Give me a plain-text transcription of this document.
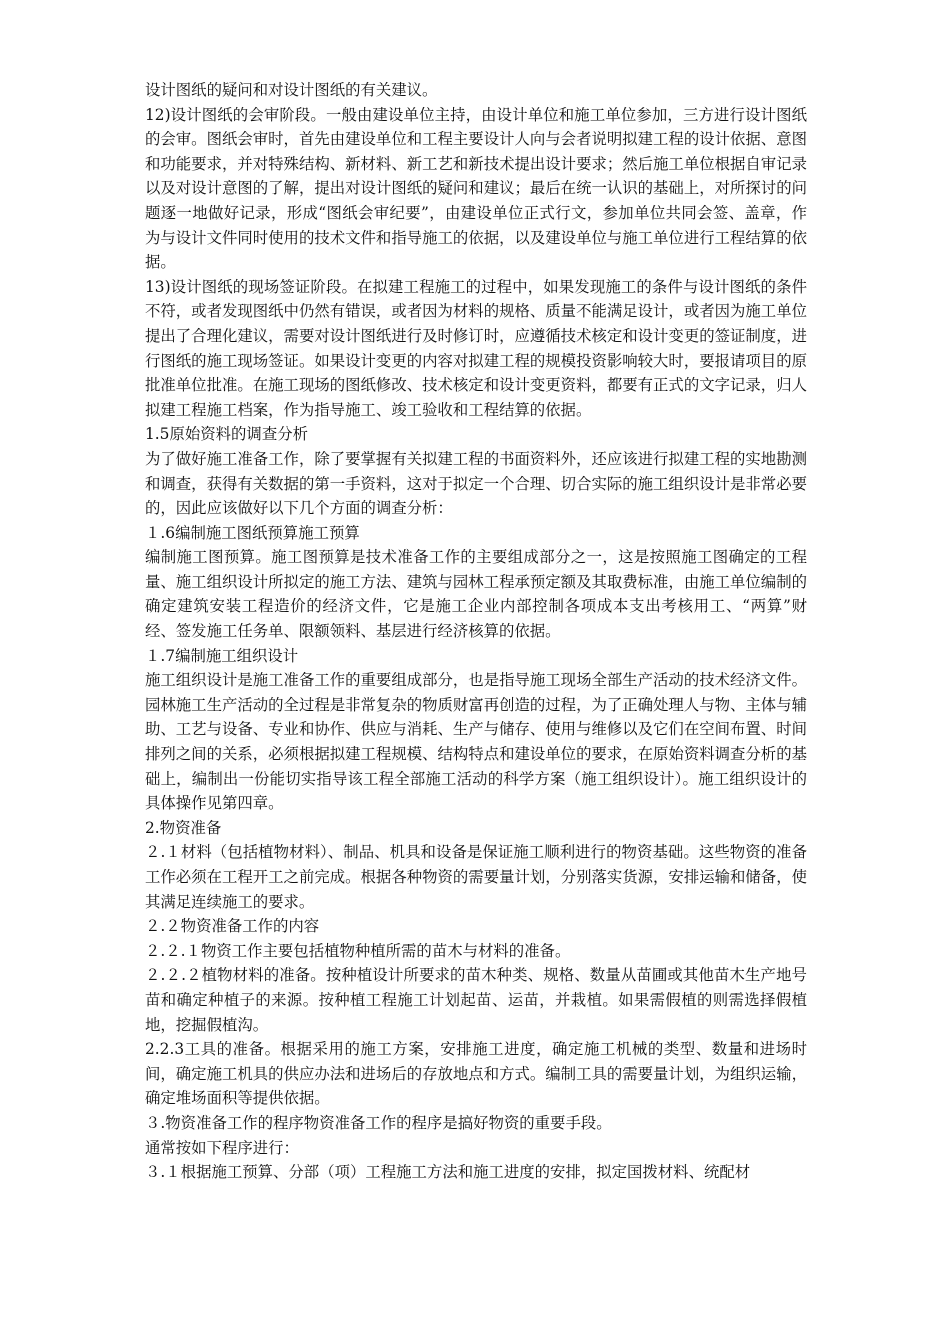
设计图纸的疑问和对设计图纸的有关建议。

12)设计图纸的会审阶段。一般由建设单位主持，由设计单位和施工单位参加，三方进行设计图纸的会审。图纸会审时，首先由建设单位和工程主要设计人向与会者说明拟建工程的设计依据、意图和功能要求，并对特殊结构、新材料、新工艺和新技术提出设计要求；然后施工单位根据自审记录以及对设计意图的了解，提出对设计图纸的疑问和建议；最后在统一认识的基础上，对所探讨的问题逐一地做好记录，形成“图纸会审纪要”，由建设单位正式行文，参加单位共同会签、盖章，作为与设计文件同时使用的技术文件和指导施工的依据，以及建设单位与施工单位进行工程结算的依据。

13)设计图纸的现场签证阶段。在拟建工程施工的过程中，如果发现施工的条件与设计图纸的条件不符，或者发现图纸中仍然有错误，或者因为材料的规格、质量不能满足设计，或者因为施工单位提出了合理化建议，需要对设计图纸进行及时修订时，应遵循技术核定和设计变更的签证制度，进行图纸的施工现场签证。如果设计变更的内容对拟建工程的规模投资影响较大时，要报请项目的原批准单位批准。在施工现场的图纸修改、技术核定和设计变更资料，都要有正式的文字记录，归人拟建工程施工档案，作为指导施工、竣工验收和工程结算的依据。

1.5原始资料的调查分析

为了做好施工准备工作，除了要掌握有关拟建工程的书面资料外，还应该进行拟建工程的实地勘测和调查，获得有关数据的第一手资料，这对于拟定一个合理、切合实际的施工组织设计是非常必要的，因此应该做好以下几个方面的调查分析：

１.6编制施工图纸预算施工预算

编制施工图预算。施工图预算是技术准备工作的主要组成部分之一，这是按照施工图确定的工程量、施工组织设计所拟定的施工方法、建筑与园林工程承预定额及其取费标准，由施工单位编制的确定建筑安装工程造价的经济文件，它是施工企业内部控制各项成本支出考核用工、“两算”财经、签发施工任务单、限额领料、基层进行经济核算的依据。

１.7编制施工组织设计

施工组织设计是施工准备工作的重要组成部分，也是指导施工现场全部生产活动的技术经济文件。园林施工生产活动的全过程是非常复杂的物质财富再创造的过程，为了正确处理人与物、主体与辅助、工艺与设备、专业和协作、供应与消耗、生产与储存、使用与维修以及它们在空间布置、时间排列之间的关系，必须根据拟建工程规模、结构特点和建设单位的要求，在原始资料调查分析的基础上，编制出一份能切实指导该工程全部施工活动的科学方案（施工组织设计）。施工组织设计的具体操作见第四章。

2.物资准备

２.１材料（包括植物材料）、制品、机具和设备是保证施工顺利进行的物资基础。这些物资的准备工作必须在工程开工之前完成。根据各种物资的需要量计划，分别落实货源，安排运输和储备，使其满足连续施工的要求。

２.２物资准备工作的内容

２.２.１物资工作主要包括植物种植所需的苗木与材料的准备。

２.２.２植物材料的准备。按种植设计所要求的苗木种类、规格、数量从苗圃或其他苗木生产地号苗和确定种植子的来源。按种植工程施工计划起苗、运苗，并栽植。如果需假植的则需选择假植地，挖掘假植沟。

2.2.3工具的准备。根据采用的施工方案，安排施工进度，确定施工机械的类型、数量和进场时间，确定施工机具的供应办法和进场后的存放地点和方式。编制工具的需要量计划，为组织运输，确定堆场面积等提供依据。

３.物资准备工作的程序物资准备工作的程序是搞好物资的重要手段。

通常按如下程序进行：

３.１根据施工预算、分部（项）工程施工方法和施工进度的安排，拟定国拨材料、统配材
